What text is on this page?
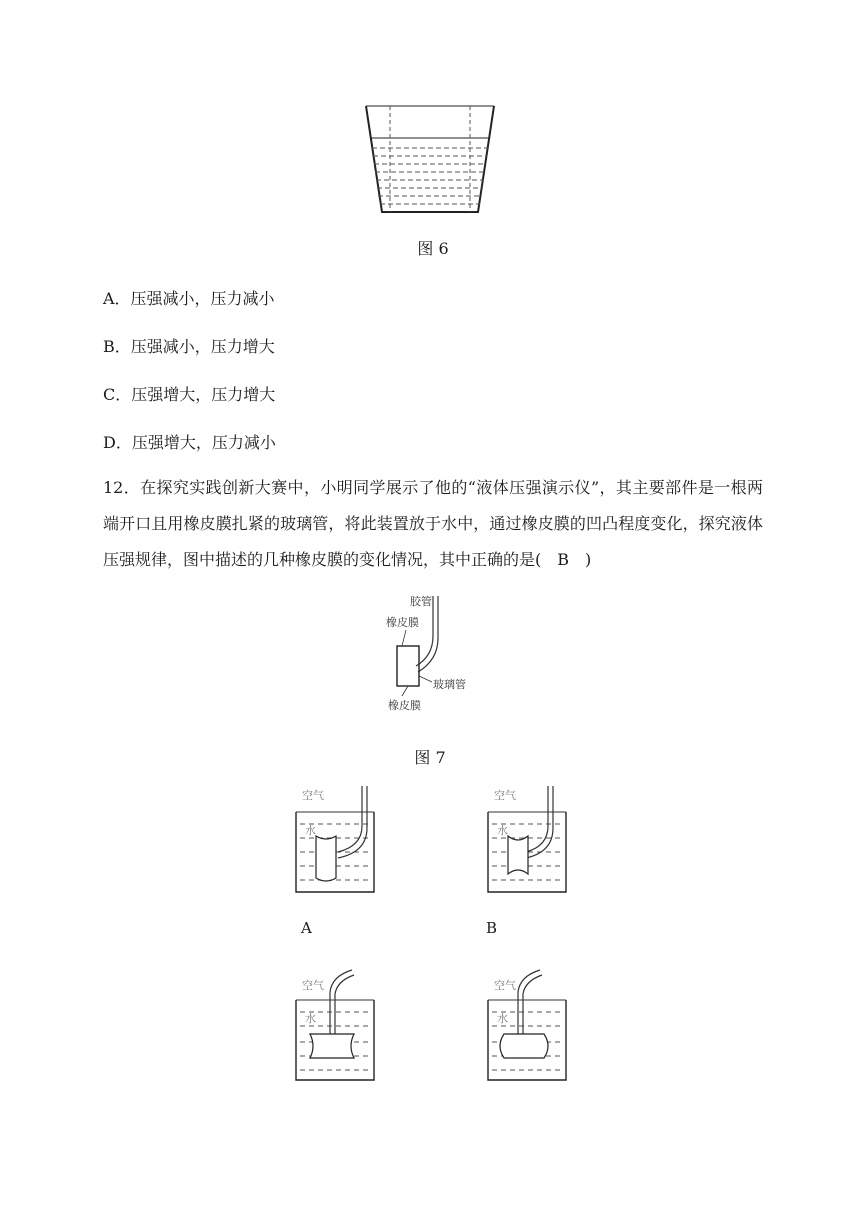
图 6
A．压强减小，压力减小
B．压强减小，压力增大
C．压强增大，压力增大
D．压强增大，压力减小
12．在探究实践创新大赛中，小明同学展示了他的“液体压强演示仪”，其主要部件是一根两端开口且用橡皮膜扎紧的玻璃管，将此装置放于水中，通过橡皮膜的凹凸程度变化，探究液体压强规律，图中描述的几种橡皮膜的变化情况，其中正确的是(　B　)
胶管
橡皮膜
玻璃管
橡皮膜
图 7
空气
水
A
空气
水
B
空气
水
空气
水
